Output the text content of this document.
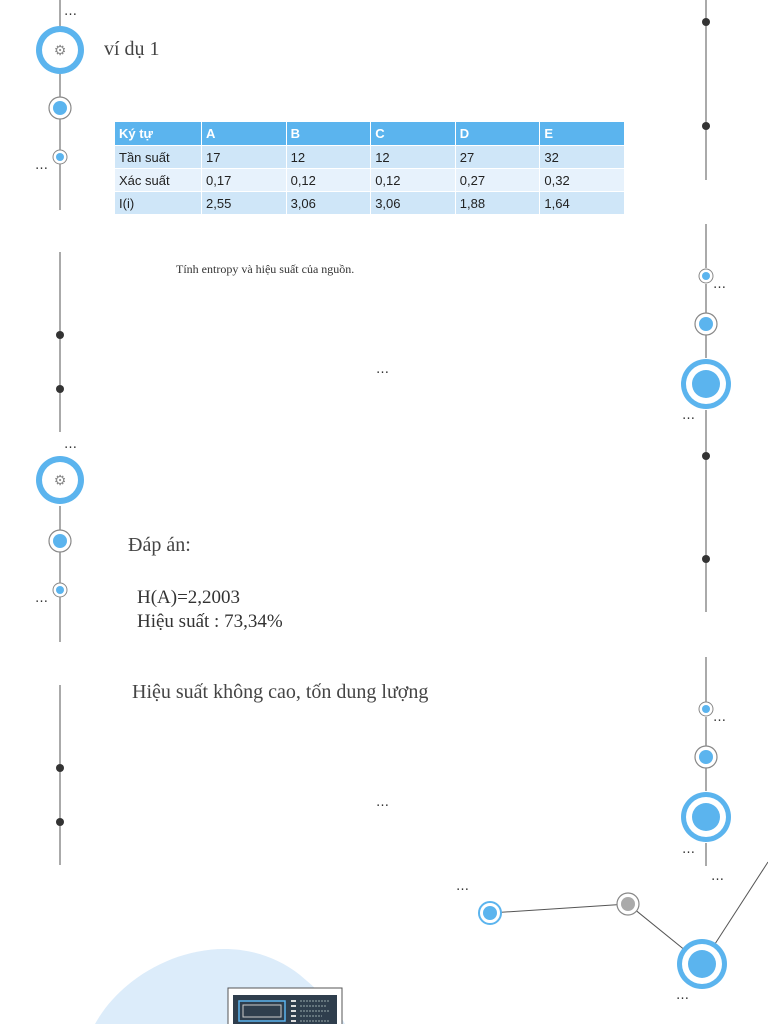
⚙
⚙
…
…
…
…
…
…
…
…
…
…
…
ví dụ 1
Ký tự	A	B	C	D	E
Tần suất	17	12	12	27	32
Xác suất	0,17	0,12	0,12	0,27	0,32
I(i)	2,55	3,06	3,06	1,88	1,64
Tính entropy và hiệu suất của nguồn.
…
Đáp án:
H(A)=2,2003
Hiệu suất : 73,34%
Hiệu suất không cao, tốn dung lượng
…
